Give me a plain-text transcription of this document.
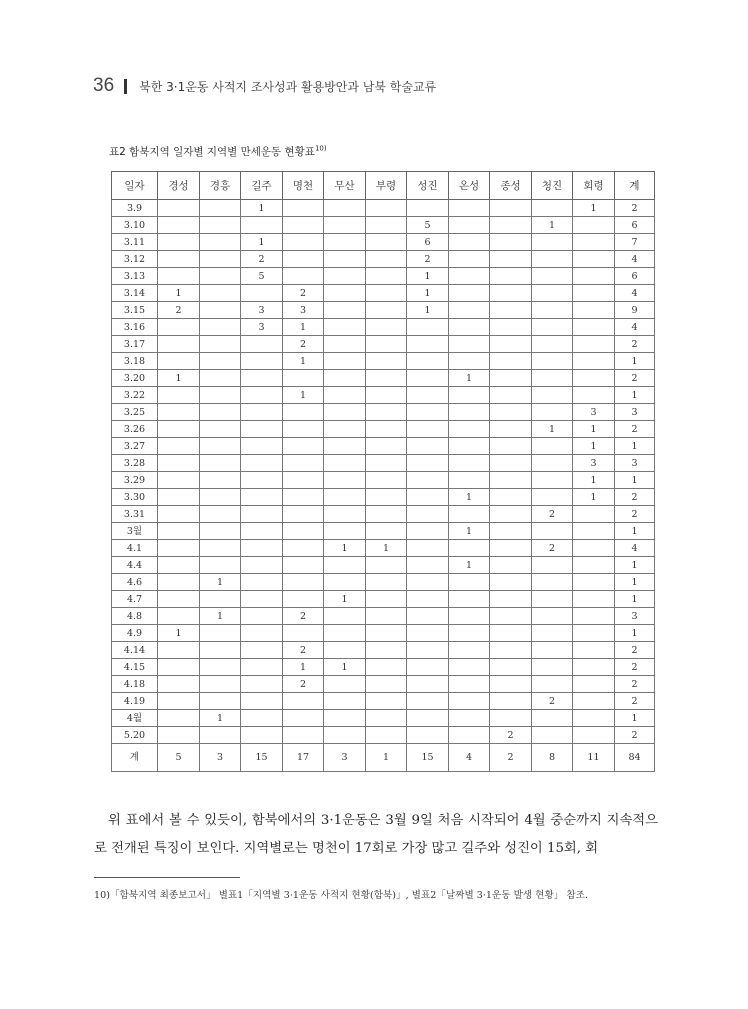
36 북한 3·1운동 사적지 조사성과 활용방안과 남북 학술교류
표2 함북지역 일자별 지역별 만세운동 현황표$^{10)}$
일자	경성	경흥	길주	명천	무산	부령	성진	온성	종성	청진	회령	계
3.9			1								1	2
3.10							5			1		6
3.11			1				6					7
3.12			2				2					4
3.13			5				1					6
3.14	1			2			1					4
3.15	2		3	3			1					9
3.16			3	1								4
3.17				2								2
3.18				1								1
3.20	1							1				2
3.22				1								1
3.25											3	3
3.26										1	1	2
3.27											1	1
3.28											3	3
3.29											1	1
3.30								1			1	2
3.31										2		2
3월								1				1
4.1					1	1				2		4
4.4								1				1
4.6		1										1
4.7					1							1
4.8		1		2								3
4.9	1											1
4.14				2								2
4.15				1	1							2
4.18				2								2
4.19										2		2
4월		1										1
5.20									2			2
계	5	3	15	17	3	1	15	4	2	8	11	84

위 표에서 볼 수 있듯이, 함북에서의 3·1운동은 3월 9일 처음 시작되어 4월 중순까지 지속적으로 전개된 특징이 보인다. 지역별로는 명천이 17회로 가장 많고 길주와 성진이 15회, 회

10)「함북지역 최종보고서」 별표1「지역별 3·1운동 사적지 현황(함북)」, 별표2「날짜별 3·1운동 발생 현황」 참조.
